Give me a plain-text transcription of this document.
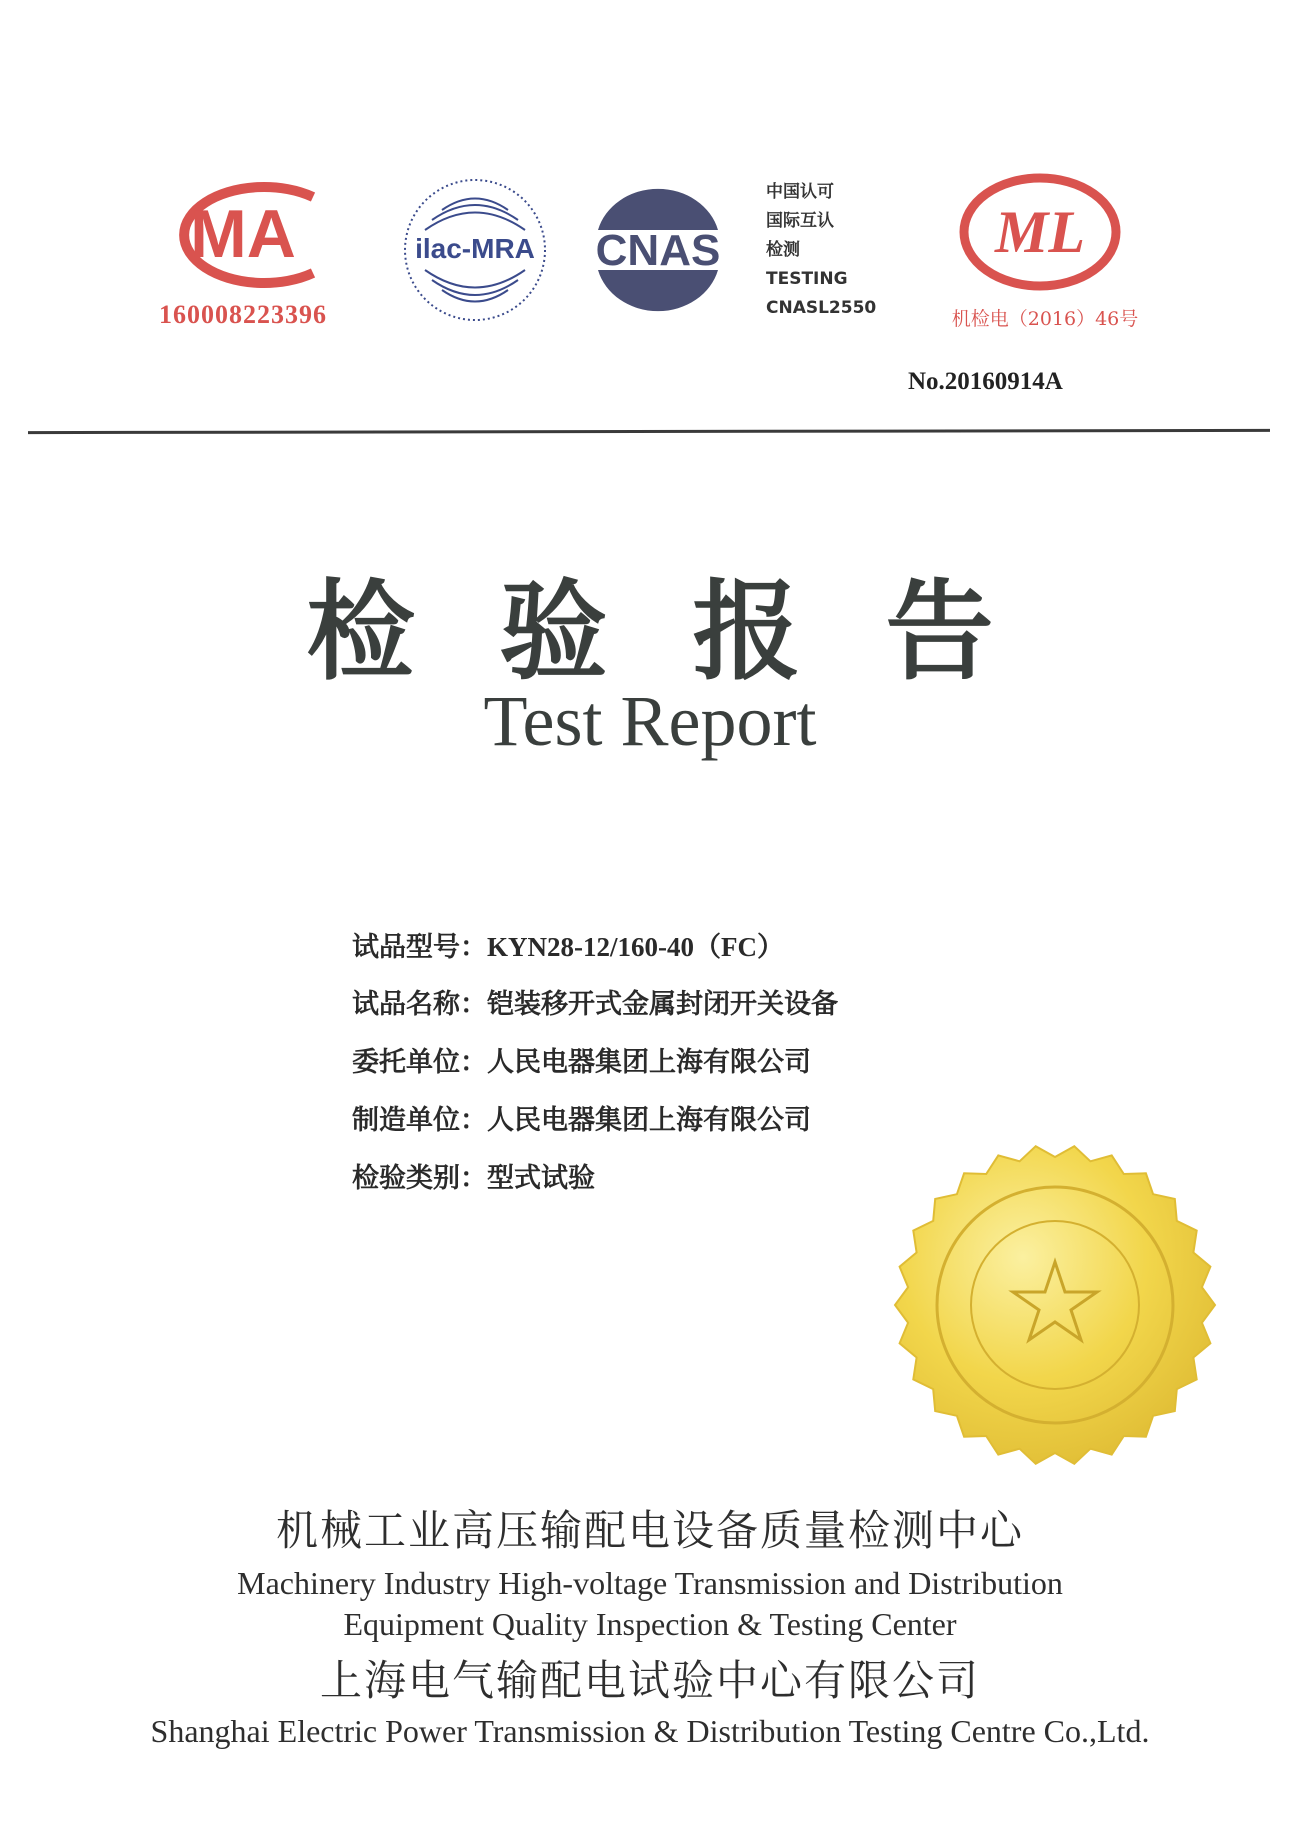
MA
160008223396
ilac-MRA CNAS
中国认可
国际互认
检测
TESTING
CNASL2550
ML
机检电（2016）46号
No.20160914A
检验报告
Test Report
试品型号：KYN28-12/160-40（FC）
试品名称：铠装移开式金属封闭开关设备
委托单位：人民电器集团上海有限公司
制造单位：人民电器集团上海有限公司
检验类别：型式试验
机械工业高压输配电设备质量检测中心
Machinery Industry High-voltage Transmission and Distribution
Equipment Quality Inspection & Testing Center
上海电气输配电试验中心有限公司
Shanghai Electric Power Transmission & Distribution Testing Centre Co.,Ltd.
